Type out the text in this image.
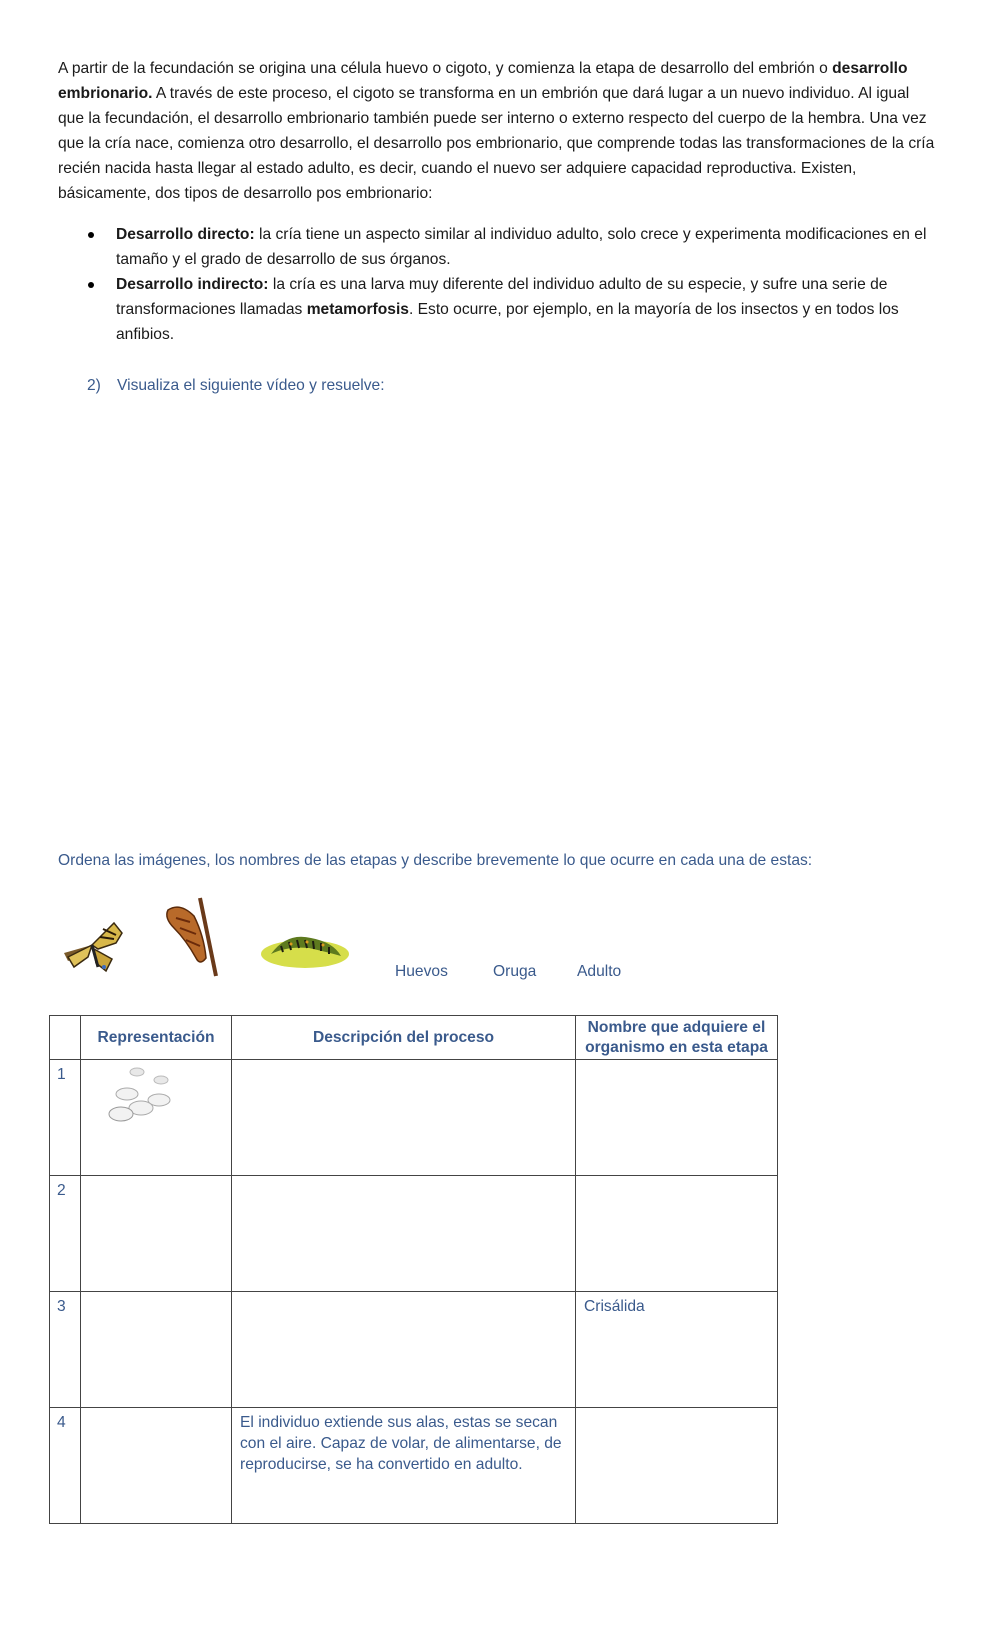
A partir de la fecundación se origina una célula huevo o cigoto, y comienza la etapa de desarrollo del embrión o desarrollo embrionario. A través de este proceso, el cigoto se transforma en un embrión que dará lugar a un nuevo individuo. Al igual que la fecundación, el desarrollo embrionario también puede ser interno o externo respecto del cuerpo de la hembra. Una vez que la cría nace, comienza otro desarrollo, el desarrollo pos embrionario, que comprende todas las transformaciones de la cría recién nacida hasta llegar al estado adulto, es decir, cuando el nuevo ser adquiere capacidad reproductiva. Existen, básicamente, dos tipos de desarrollo pos embrionario:

Desarrollo directo: la cría tiene un aspecto similar al individuo adulto, solo crece y experimenta modificaciones en el tamaño y el grado de desarrollo de sus órganos.
Desarrollo indirecto: la cría es una larva muy diferente del individuo adulto de su especie, y sufre una serie de transformaciones llamadas metamorfosis. Esto ocurre, por ejemplo, en la mayoría de los insectos y en todos los anfibios.
2) Visualiza el siguiente vídeo y resuelve:
Ordena las imágenes, los nombres de las etapas y describe brevemente lo que ocurre en cada una de estas:
Huevos	Oruga	Adulto
	Representación	Descripción del proceso	Nombre que adquiere el organismo en esta etapa
1	

2			
3			Crisálida
4		El individuo extiende sus alas, estas se secan con el aire. Capaz de volar, de alimentarse, de reproducirse, se ha convertido en adulto.	
